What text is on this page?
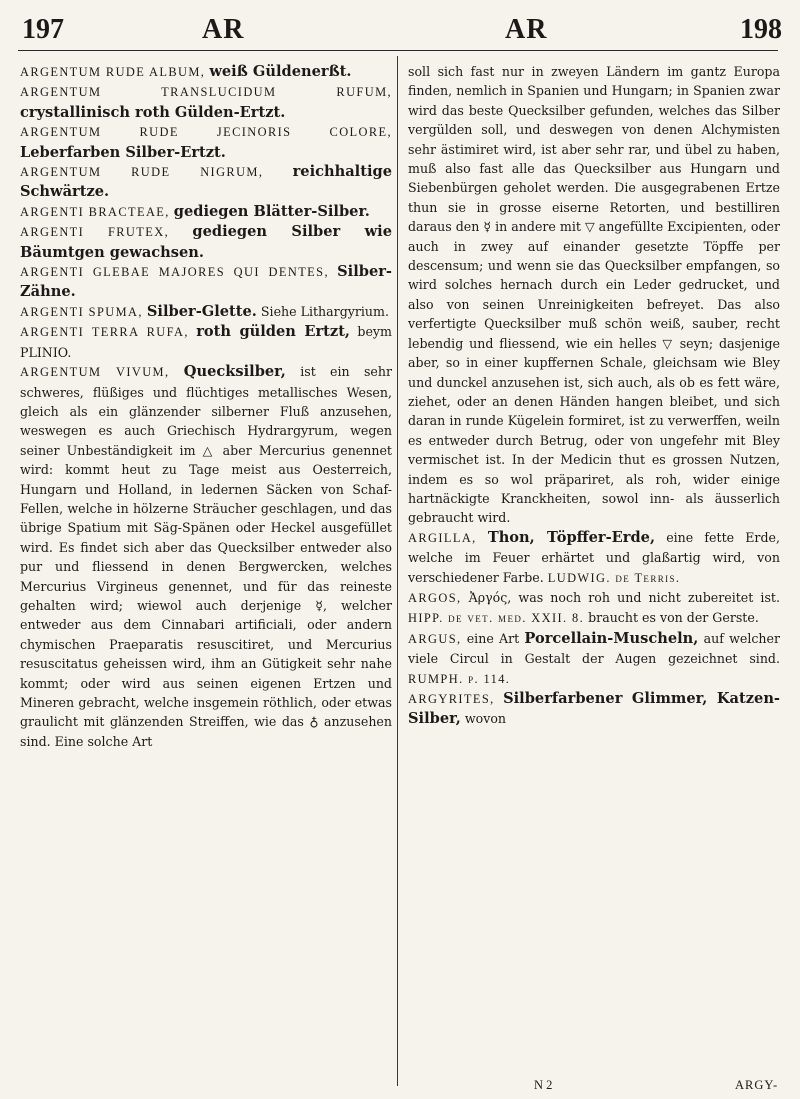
197	AR	AR	198

ARGENTUM RUDE ALBUM, weiß Güldenerßt.

ARGENTUM TRANSLUCIDUM RUFUM, crystallinisch roth Gülden-Ertzt.

ARGENTUM RUDE JECINORIS COLORE, Leberfarben Silber-Ertzt.

ARGENTUM RUDE NIGRUM, reichhaltige Schwärtze.

ARGENTI BRACTEAE, gediegen Blätter-Silber.

ARGENTI FRUTEX, gediegen Silber wie Bäumtgen gewachsen.

ARGENTI GLEBAE MAJORES QUI DENTES, Silber-Zähne.

ARGENTI SPUMA, Silber-Glette. Siehe Lithargyrium.

ARGENTI TERRA RUFA, roth gülden Ertzt, beym PLINIO.

ARGENTUM VIVUM, Quecksilber, ist ein sehr schweres, flüßiges und flüchtiges metallisches Wesen, gleich als ein glänzender silberner Fluß anzusehen, weswegen es auch Griechisch Hydrargyrum, wegen seiner Unbeständigkeit im △ aber Mercurius genennet wird: kommt heut zu Tage meist aus Oesterreich, Hungarn und Holland, in ledernen Säcken von Schaf-Fellen, welche in hölzerne Sträucher geschlagen, und das übrige Spatium mit Säg-Spänen oder Heckel ausgefüllet wird. Es findet sich aber das Quecksilber entweder also pur und fliessend in denen Bergwercken, welches Mercurius Virgineus genennet, und für das reineste gehalten wird; wiewol auch derjenige ☿, welcher entweder aus dem Cinnabari artificiali, oder andern chymischen Praeparatis resuscitiret, und Mercurius resuscitatus geheissen wird, ihm an Gütigkeit sehr nahe kommt; oder wird aus seinen eigenen Ertzen und Mineren gebracht, welche insgemein röthlich, oder etwas graulicht mit glänzenden Streiffen, wie das ♁ anzusehen sind. Eine solche Art

soll sich fast nur in zweyen Ländern im gantz Europa finden, nemlich in Spanien und Hungarn; in Spanien zwar wird das beste Quecksilber gefunden, welches das Silber vergülden soll, und deswegen von denen Alchymisten sehr ästimiret wird, ist aber sehr rar, und übel zu haben, muß also fast alle das Quecksilber aus Hungarn und Siebenbürgen geholet werden. Die ausgegrabenen Ertze thun sie in grosse eiserne Retorten, und bestilliren daraus den ☿ in andere mit ▽ angefüllte Excipienten, oder auch in zwey auf einander gesetzte Töpffe per descensum; und wenn sie das Quecksilber empfangen, so wird solches hernach durch ein Leder gedrucket, und also von seinen Unreinigkeiten befreyet. Das also verfertigte Quecksilber muß schön weiß, sauber, recht lebendig und fliessend, wie ein helles ▽ seyn; dasjenige aber, so in einer kupffernen Schale, gleichsam wie Bley und dunckel anzusehen ist, sich auch, als ob es fett wäre, ziehet, oder an denen Händen hangen bleibet, und sich daran in runde Kügelein formiret, ist zu verwerffen, weiln es entweder durch Betrug, oder von ungefehr mit Bley vermischet ist. In der Medicin thut es grossen Nutzen, indem es so wol präpariret, als roh, wider einige hartnäckigte Kranckheiten, sowol inn- als äusserlich gebraucht wird.

ARGILLA, Thon, Töpffer-Erde, eine fette Erde, welche im Feuer erhärtet und glaßartig wird, von verschiedener Farbe. LUDWIG. de Terris.

ARGOS, Ἀργός, was noch roh und nicht zubereitet ist. HIPP. de vet. med. XXII. 8. braucht es von der Gerste.

ARGUS, eine Art Porcellain-Muscheln, auf welcher viele Circul in Gestalt der Augen gezeichnet sind. RUMPH. p. 114.

ARGYRITES, Silberfarbener Glimmer, Katzen-Silber, wovon

N 2	ARGY-
